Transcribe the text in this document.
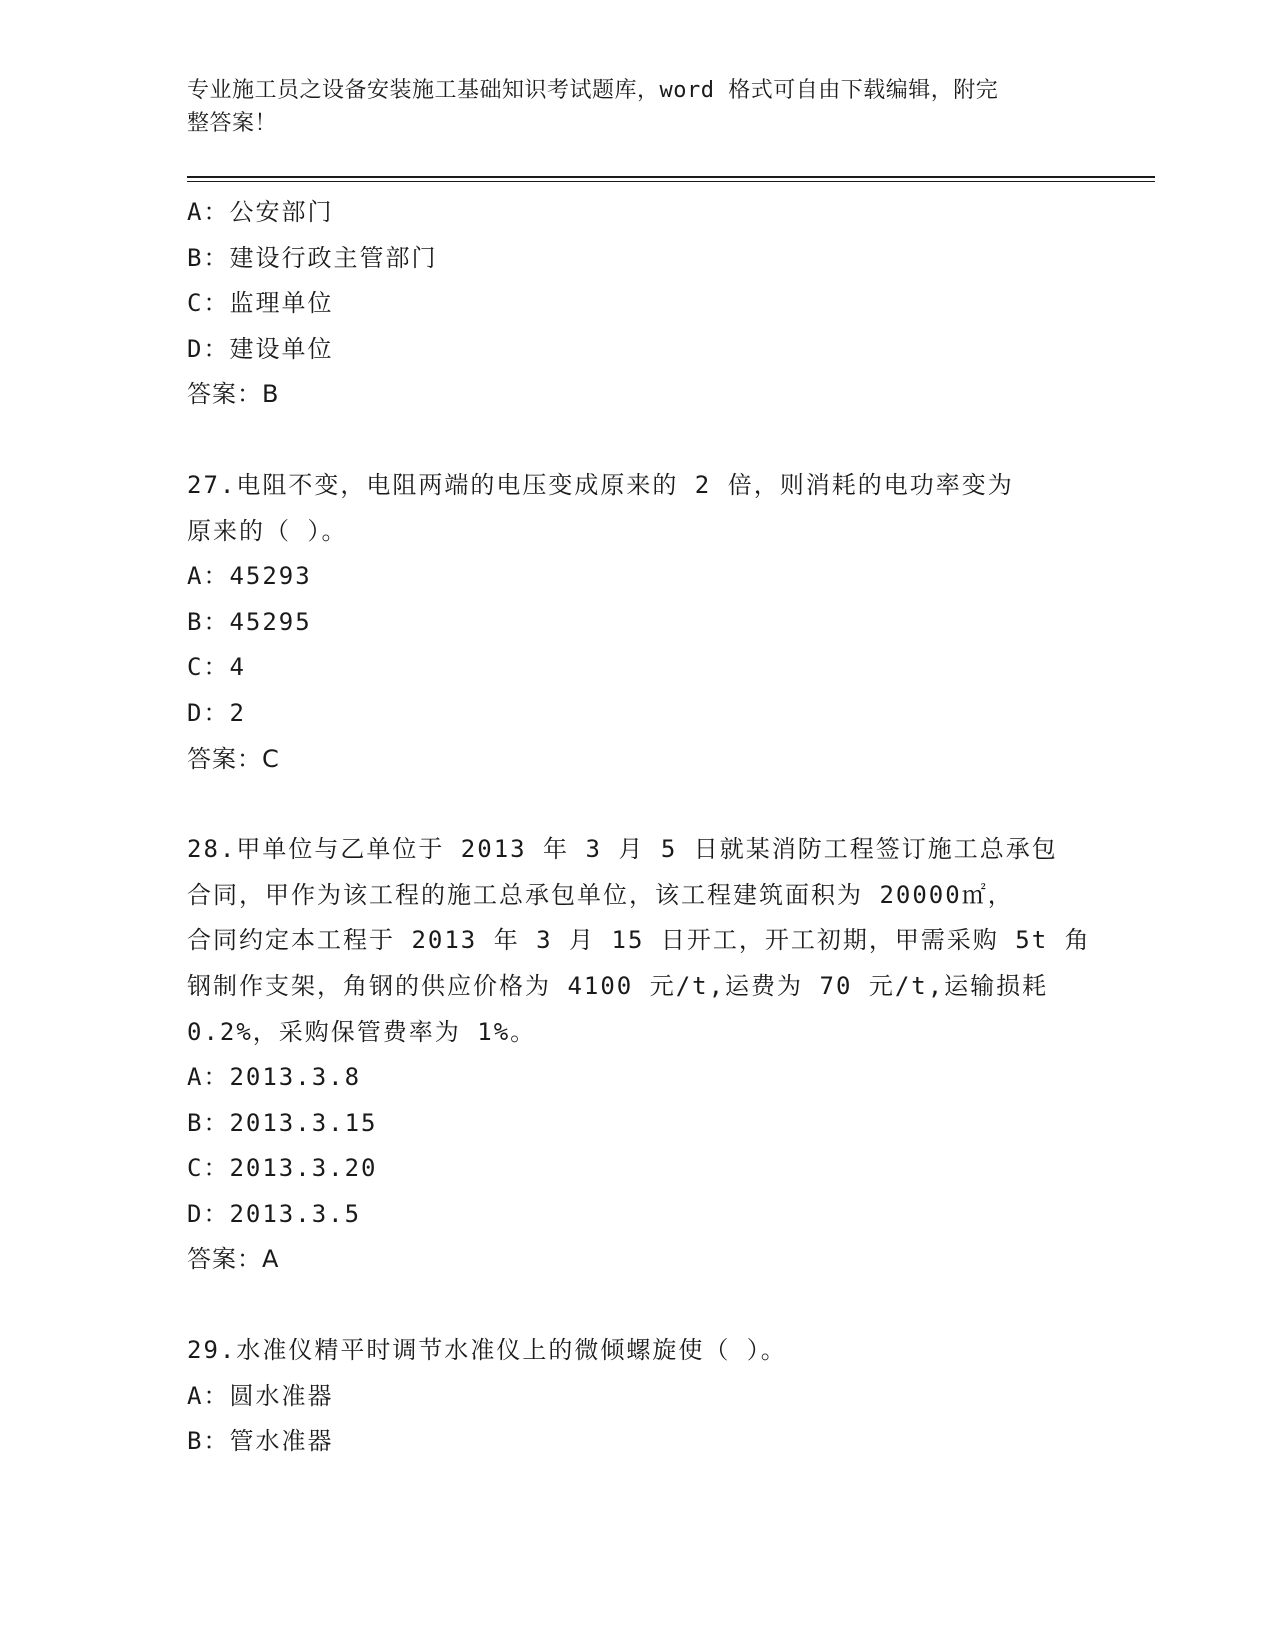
专业施工员之设备安装施工基础知识考试题库，word 格式可自由下载编辑，附完
整答案！
A：公安部门
B：建设行政主管部门
C：监理单位
D：建设单位
答案：B
27.电阻不变，电阻两端的电压变成原来的 2 倍，则消耗的电功率变为
原来的（ ）。
A：45293
B：45295
C：4
D：2
答案：C
28.甲单位与乙单位于 2013 年 3 月 5 日就某消防工程签订施工总承包
合同，甲作为该工程的施工总承包单位，该工程建筑面积为 20000㎡，
合同约定本工程于 2013 年 3 月 15 日开工，开工初期，甲需采购 5t 角
钢制作支架，角钢的供应价格为 4100 元/t,运费为 70 元/t,运输损耗
0.2%，采购保管费率为 1%。
A：2013.3.8
B：2013.3.15
C：2013.3.20
D：2013.3.5
答案：A
29.水准仪精平时调节水准仪上的微倾螺旋使（ ）。
A：圆水准器
B：管水准器
